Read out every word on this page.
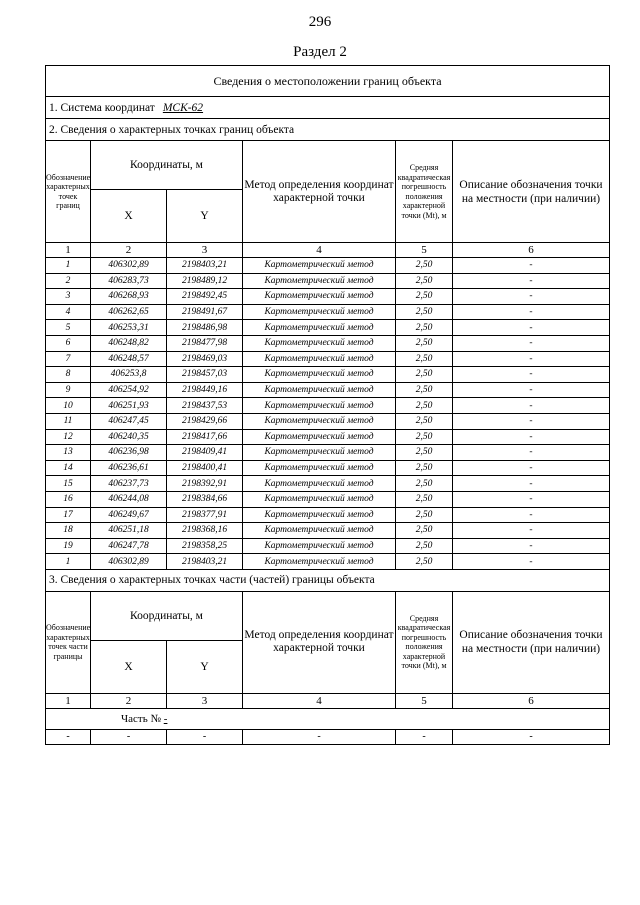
296
Раздел 2
Сведения о местоположении границ объекта					
1. Система координат МСК-62					
2. Сведения о характерных точках границ объекта					
Обозначение характерных точек границ	Координаты, м		Метод определения координат характерной точки	Средняя квадратическая погрешность положения характерной точки (Mt), м	Описание обозначения точки на местности (при наличии)
	X	Y			
1	2	3	4	5	6
1	406302,89	2198403,21	Картометрический метод	2,50	-
2	406283,73	2198489,12	Картометрический метод	2,50	-
3	406268,93	2198492,45	Картометрический метод	2,50	-
4	406262,65	2198491,67	Картометрический метод	2,50	-
5	406253,31	2198486,98	Картометрический метод	2,50	-
6	406248,82	2198477,98	Картометрический метод	2,50	-
7	406248,57	2198469,03	Картометрический метод	2,50	-
8	406253,8	2198457,03	Картометрический метод	2,50	-
9	406254,92	2198449,16	Картометрический метод	2,50	-
10	406251,93	2198437,53	Картометрический метод	2,50	-
11	406247,45	2198429,66	Картометрический метод	2,50	-
12	406240,35	2198417,66	Картометрический метод	2,50	-
13	406236,98	2198409,41	Картометрический метод	2,50	-
14	406236,61	2198400,41	Картометрический метод	2,50	-
15	406237,73	2198392,91	Картометрический метод	2,50	-
16	406244,08	2198384,66	Картометрический метод	2,50	-
17	406249,67	2198377,91	Картометрический метод	2,50	-
18	406251,18	2198368,16	Картометрический метод	2,50	-
19	406247,78	2198358,25	Картометрический метод	2,50	-
1	406302,89	2198403,21	Картометрический метод	2,50	-
3. Сведения о характерных точках части (частей) границы объекта					
Обозначение характерных точек части границы	Координаты, м		Метод определения координат характерной точки	Средняя квадратическая погрешность положения характерной точки (Mt), м	Описание обозначения точки на местности (при наличии)
	X	Y			
1	2	3	4	5	6
Часть № -					
-	-	-	-	-	-
